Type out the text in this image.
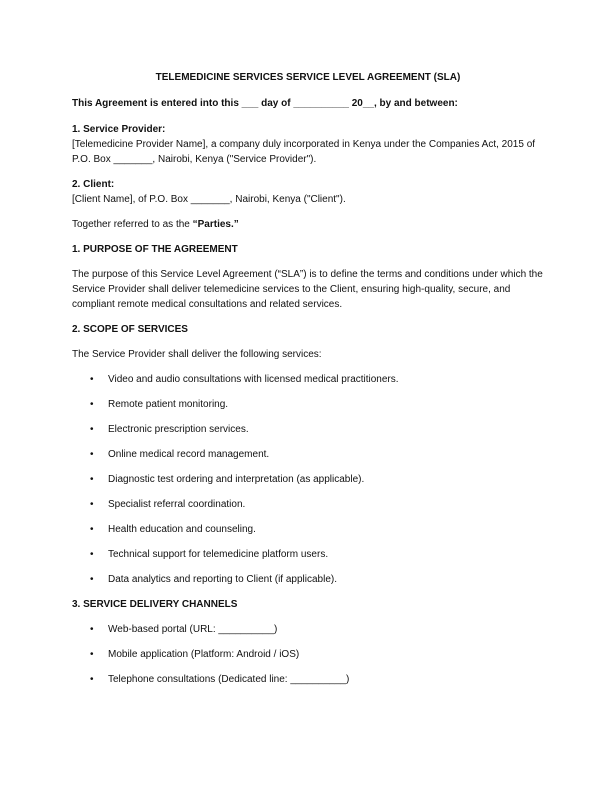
TELEMEDICINE SERVICES SERVICE LEVEL AGREEMENT (SLA)

This Agreement is entered into this ___ day of __________ 20__, by and between:

1. Service Provider:

[Telemedicine Provider Name], a company duly incorporated in Kenya under the Companies Act, 2015 of P.O. Box _______, Nairobi, Kenya ("Service Provider").

2. Client:

[Client Name], of P.O. Box _______, Nairobi, Kenya ("Client").

Together referred to as the “Parties.”

1. PURPOSE OF THE AGREEMENT

The purpose of this Service Level Agreement (“SLA”) is to define the terms and conditions under which the Service Provider shall deliver telemedicine services to the Client, ensuring high-quality, secure, and compliant remote medical consultations and related services.

2. SCOPE OF SERVICES

The Service Provider shall deliver the following services:

• Video and audio consultations with licensed medical practitioners.
• Remote patient monitoring.
• Electronic prescription services.
• Online medical record management.
• Diagnostic test ordering and interpretation (as applicable).
• Specialist referral coordination.
• Health education and counseling.
• Technical support for telemedicine platform users.
• Data analytics and reporting to Client (if applicable).

3. SERVICE DELIVERY CHANNELS

• Web-based portal (URL: __________)
• Mobile application (Platform: Android / iOS)
• Telephone consultations (Dedicated line: __________)
